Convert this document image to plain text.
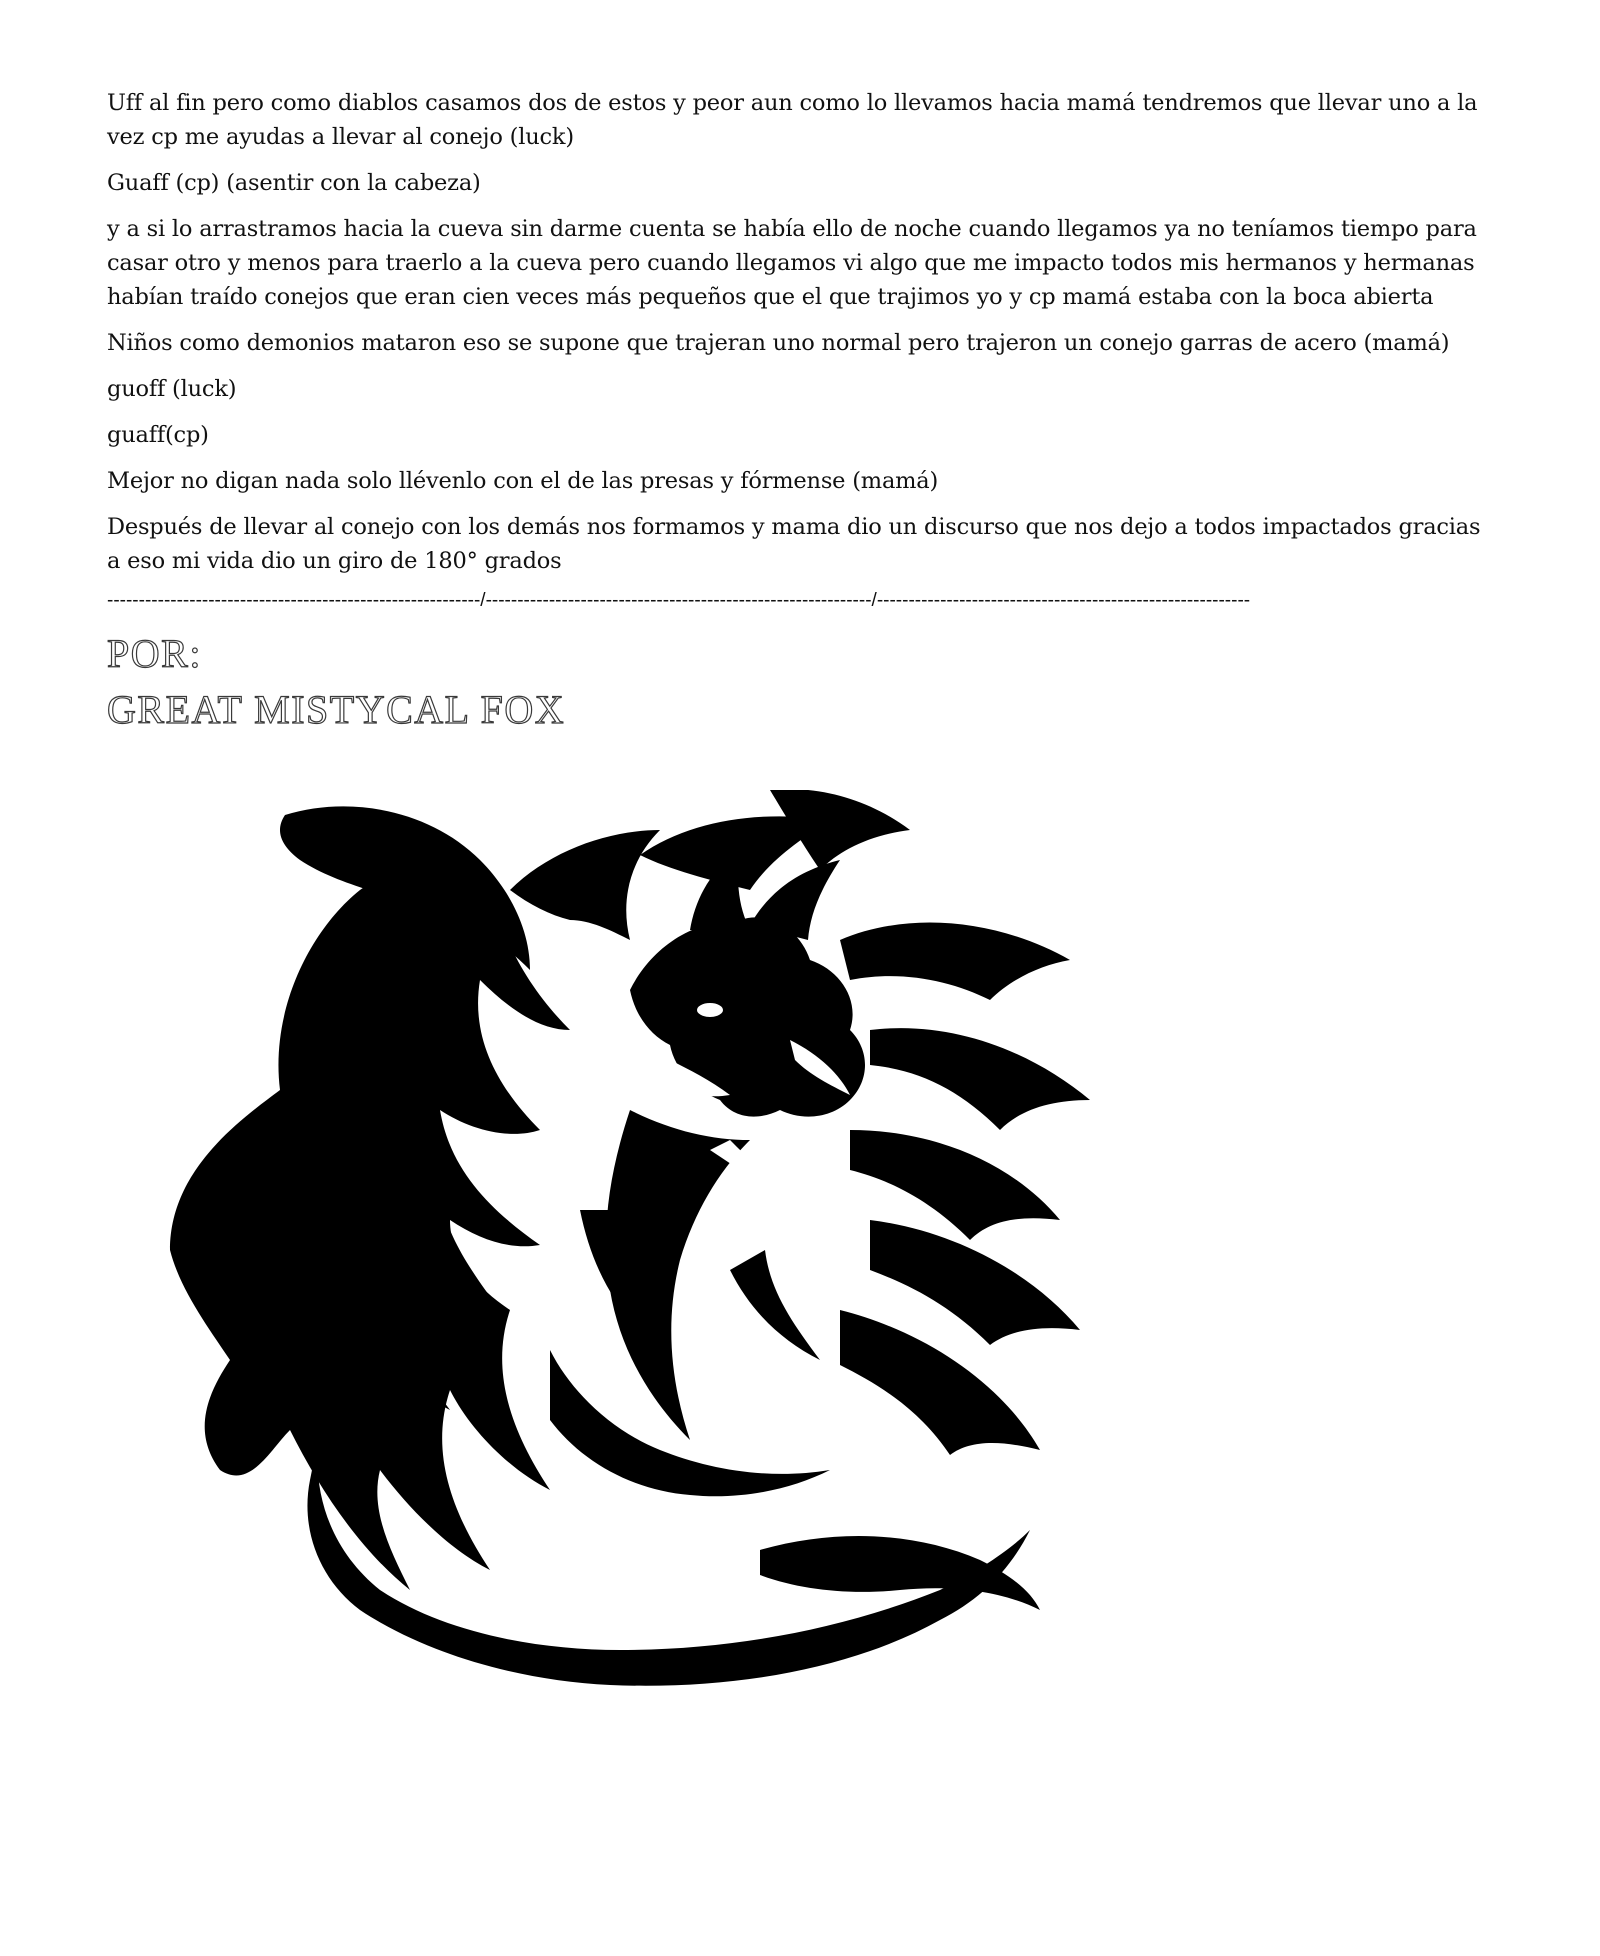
Uff al fin pero como diablos casamos dos de estos y peor aun como lo llevamos hacia mamá tendremos que llevar uno a la vez cp me ayudas a llevar al conejo (luck)

Guaff (cp) (asentir con la cabeza)

y a si lo arrastramos hacia la cueva sin darme cuenta se había ello de noche cuando llegamos ya no teníamos tiempo para casar otro y menos para traerlo a la cueva pero cuando llegamos vi algo que me impacto todos mis hermanos y hermanas habían traído conejos que eran cien veces más pequeños que el que trajimos yo y cp mamá estaba con la boca abierta

Niños como demonios mataron eso se supone que trajeran uno normal pero trajeron un conejo garras de acero (mamá)

guoff (luck)

guaff(cp)

Mejor no digan nada solo llévenlo con el de las presas y fórmense (mamá)

Después de llevar al conejo con los demás nos formamos y mama dio un discurso que nos dejo a todos impactados gracias a eso mi vida dio un giro de 180° grados

-----------------------------------------------------------/-------------------------------------------------------------/-----------------------------------------------------------

POR:

GREAT MISTYCAL FOX
